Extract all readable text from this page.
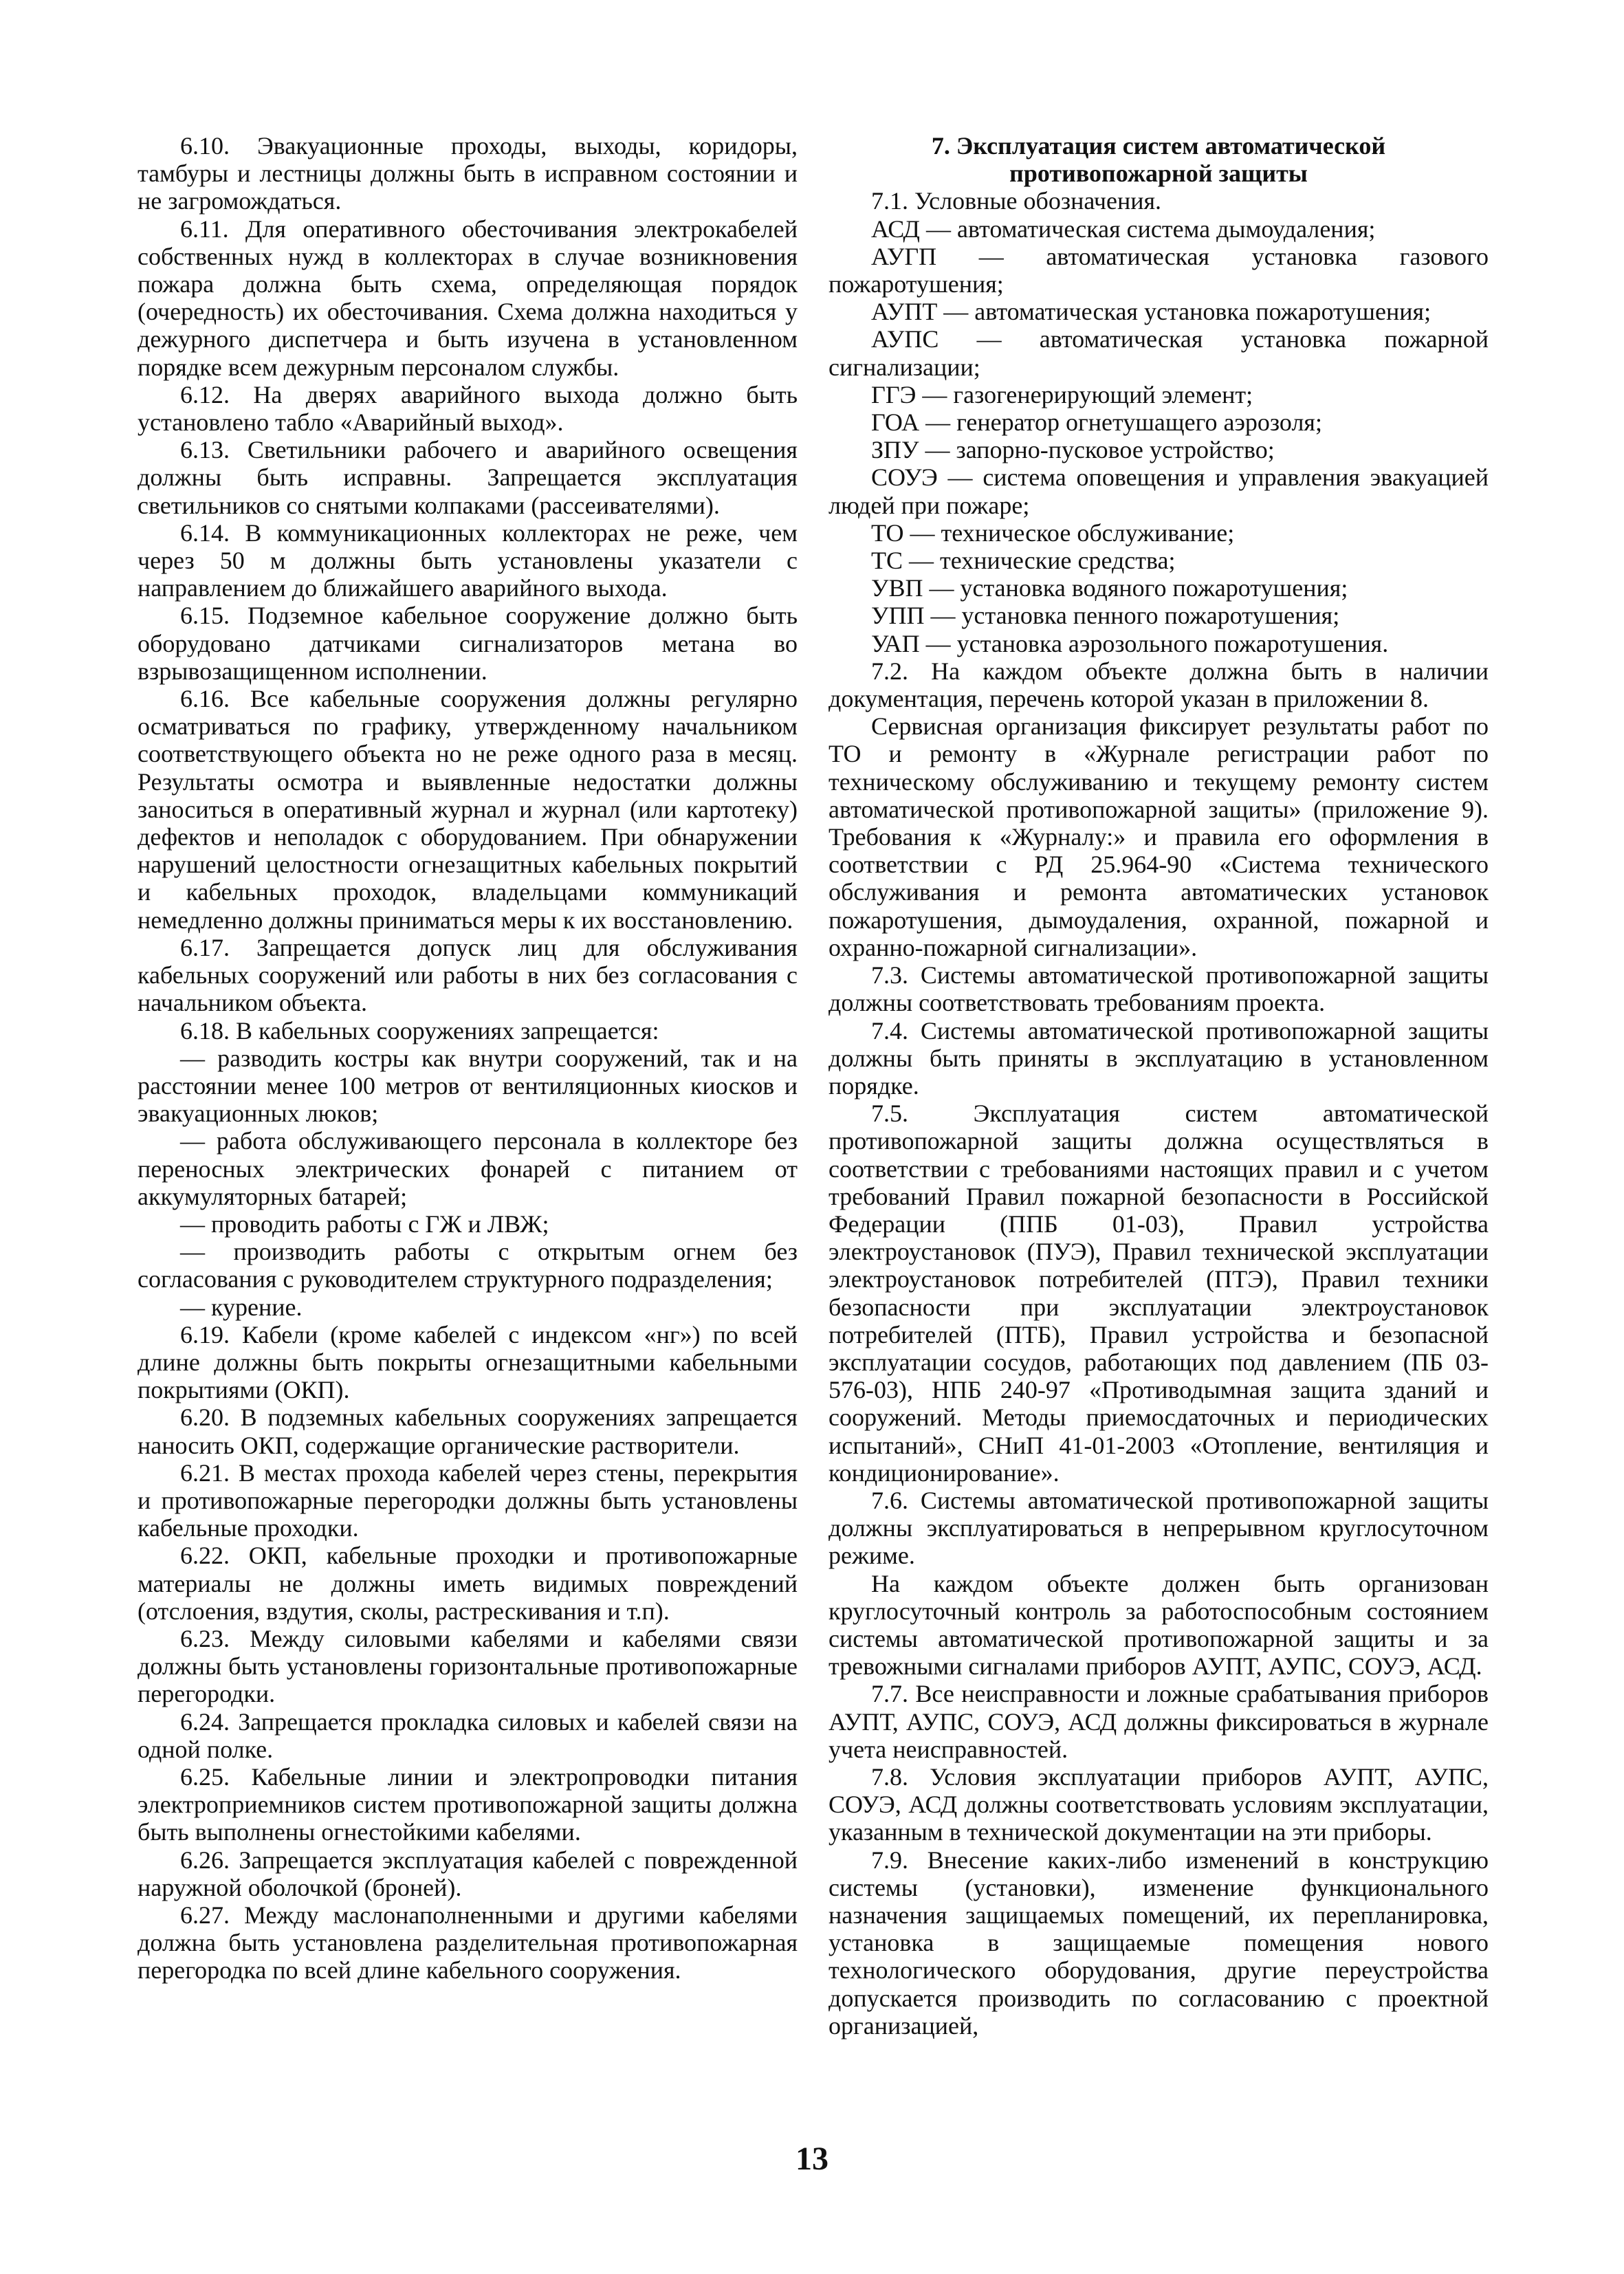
6.10. Эвакуационные проходы, выходы, коридоры, тамбуры и лестницы должны быть в исправном состоянии и не загромождаться.

6.11. Для оперативного обесточивания электрокабелей собственных нужд в коллекторах в случае возникновения пожара должна быть схема, определяющая порядок (очередность) их обесточивания. Схема должна находиться у дежурного диспетчера и быть изучена в установленном порядке всем дежурным персоналом службы.

6.12. На дверях аварийного выхода должно быть установлено табло «Аварийный выход».

6.13. Светильники рабочего и аварийного освещения должны быть исправны. Запрещается эксплуатация светильников со снятыми колпаками (рассеивателями).

6.14. В коммуникационных коллекторах не реже, чем через 50 м должны быть установлены указатели с направлением до ближайшего аварийного выхода.

6.15. Подземное кабельное сооружение должно быть оборудовано датчиками сигнализаторов метана во взрывозащищенном исполнении.

6.16. Все кабельные сооружения должны регулярно осматриваться по графику, утвержденному начальником соответствующего объекта но не реже одного раза в месяц. Результаты осмотра и выявленные недостатки должны заноситься в оперативный журнал и журнал (или картотеку) дефектов и неполадок с оборудованием. При обнаружении нарушений целостности огнезащитных кабельных покрытий и кабельных проходок, владельцами коммуникаций немедленно должны приниматься меры к их восстановлению.

6.17. Запрещается допуск лиц для обслуживания кабельных сооружений или работы в них без согласования с начальником объекта.

6.18. В кабельных сооружениях запрещается:

— разводить костры как внутри сооружений, так и на расстоянии менее 100 метров от вентиляционных киосков и эвакуационных люков;

— работа обслуживающего персонала в коллекторе без переносных электрических фонарей с питанием от аккумуляторных батарей;

— проводить работы с ГЖ и ЛВЖ;

— производить работы с открытым огнем без согласования с руководителем структурного подразделения;

— курение.

6.19. Кабели (кроме кабелей с индексом «нг») по всей длине должны быть покрыты огнезащитными кабельными покрытиями (ОКП).

6.20. В подземных кабельных сооружениях запрещается наносить ОКП, содержащие органические растворители.

6.21. В местах прохода кабелей через стены, перекрытия и противопожарные перегородки должны быть установлены кабельные проходки.

6.22. ОКП, кабельные проходки и противопожарные материалы не должны иметь видимых повреждений (отслоения, вздутия, сколы, растрескивания и т.п).

6.23. Между силовыми кабелями и кабелями связи должны быть установлены горизонтальные противопожарные перегородки.

6.24. Запрещается прокладка силовых и кабелей связи на одной полке.

6.25. Кабельные линии и электропроводки питания электроприемников систем противопожарной защиты должна быть выполнены огнестойкими кабелями.

6.26. Запрещается эксплуатация кабелей с поврежденной наружной оболочкой (броней).

6.27. Между маслонаполненными и другими кабелями должна быть установлена разделительная противопожарная перегородка по всей длине кабельного сооружения.

7. Эксплуатация систем автоматической противопожарной защиты

7.1. Условные обозначения.

АСД — автоматическая система дымоудаления;

АУГП — автоматическая установка газового пожаротушения;

АУПТ — автоматическая установка пожаротушения;

АУПС — автоматическая установка пожарной сигнализации;

ГГЭ — газогенерирующий элемент;

ГОА — генератор огнетушащего аэрозоля;

ЗПУ — запорно-пусковое устройство;

СОУЭ — система оповещения и управления эвакуацией людей при пожаре;

ТО — техническое обслуживание;

ТС — технические средства;

УВП — установка водяного пожаротушения;

УПП — установка пенного пожаротушения;

УАП — установка аэрозольного пожаротушения.

7.2. На каждом объекте должна быть в наличии документация, перечень которой указан в приложении 8.

Сервисная организация фиксирует результаты работ по ТО и ремонту в «Журнале регистрации работ по техническому обслуживанию и текущему ремонту систем автоматической противопожарной защиты» (приложение 9). Требования к «Журналу:» и правила его оформления в соответствии с РД 25.964-90 «Система технического обслуживания и ремонта автоматических установок пожаротушения, дымоудаления, охранной, пожарной и охранно-пожарной сигнализации».

7.3. Системы автоматической противопожарной защиты должны соответствовать требованиям проекта.

7.4. Системы автоматической противопожарной защиты должны быть приняты в эксплуатацию в установленном порядке.

7.5. Эксплуатация систем автоматической противопожарной защиты должна осуществляться в соответствии с требованиями настоящих правил и с учетом требований Правил пожарной безопасности в Российской Федерации (ППБ 01-03), Правил устройства электроустановок (ПУЭ), Правил технической эксплуатации электроустановок потребителей (ПТЭ), Правил техники безопасности при эксплуатации электроустановок потребителей (ПТБ), Правил устройства и безопасной эксплуатации сосудов, работающих под давлением (ПБ 03-576-03), НПБ 240-97 «Противодымная защита зданий и сооружений. Методы приемосдаточных и периодических испытаний», СНиП 41-01-2003 «Отопление, вентиляция и кондиционирование».

7.6. Системы автоматической противопожарной защиты должны эксплуатироваться в непрерывном круглосуточном режиме.

На каждом объекте должен быть организован круглосуточный контроль за работоспособным состоянием системы автоматической противопожарной защиты и за тревожными сигналами приборов АУПТ, АУПС, СОУЭ, АСД.

7.7. Все неисправности и ложные срабатывания приборов АУПТ, АУПС, СОУЭ, АСД должны фиксироваться в журнале учета неисправностей.

7.8. Условия эксплуатации приборов АУПТ, АУПС, СОУЭ, АСД должны соответствовать условиям эксплуатации, указанным в технической документации на эти приборы.

7.9. Внесение каких-либо изменений в конструкцию системы (установки), изменение функционального назначения защищаемых помещений, их перепланировка, установка в защищаемые помещения нового технологического оборудования, другие переустройства допускается производить по согласованию с проектной организацией,

13
